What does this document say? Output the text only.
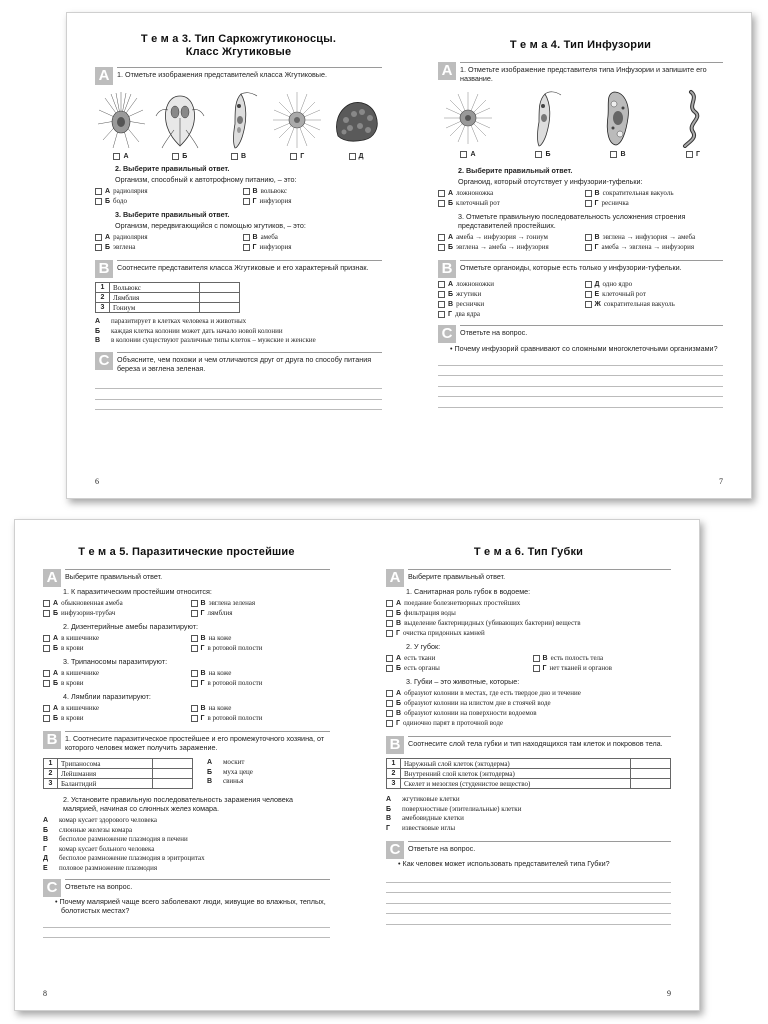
Т е м а 3. Тип Саркожгутиконосцы.
Класс Жгутиковые
A	1. Отметьте изображения представителей класса Жгутиковые.
А	Б	В	Г	Д
2. Выберите правильный ответ.
Организм, способный к автотрофному питанию, – это:
А радиолярия	В вольвокс
Б бодо	Г инфузория
3. Выберите правильный ответ.
Организм, передвигающийся с помощью жгутиков, – это:
А радиолярия	В амеба
Б эвглена	Г инфузория
B	Соотнесите представителя класса Жгутиковые и его характерный признак.
1	Вольвокс	
2	Лямблия	
3	Гониум	
А	паразитирует в клетках человека и животных
Б	каждая клетка колонии может дать начало новой колонии
В	в колонии существуют различные типы клеток – мужские и женские
C	Объясните, чем похожи и чем отличаются друг от друга по способу питания береза и эвглена зеленая.
6
Т е м а 4. Тип Инфузории
A	1. Отметьте изображение представителя типа Инфузории и запишите его название.
А	Б	В	Г
2. Выберите правильный ответ.
Органоид, который отсутствует у инфузории-туфельки:
А ложноножка	В сократительная вакуоль
Б клеточный рот	Г ресничка
3. Отметьте правильную последовательность усложнения строения представителей простейших.
А амеба → инфузория → гониум	В эвглена → инфузория → амеба
Б эвглена → амеба → инфузория	Г амеба → эвглена → инфузория
B	Отметьте органоиды, которые есть только у инфузории-туфельки.
А ложноножки	Д одно ядро
Б жгутики	Е клеточный рот
В реснички	Ж сократительная вакуоль
Г два ядра
C	Ответьте на вопрос.
• Почему инфузорий сравнивают со сложными многоклеточными организмами?
7
Т е м а 5. Паразитические простейшие
A	Выберите правильный ответ.
1. К паразитическим простейшим относится:
А обыкновенная амеба	В эвглена зеленая
Б инфузория-трубач	Г лямблия
2. Дизентерийные амебы паразитируют:
А в кишечнике	В на коже
Б в крови	Г в ротовой полости
3. Трипаносомы паразитируют:
А в кишечнике	В на коже
Б в крови	Г в ротовой полости
4. Лямблии паразитируют:
А в кишечнике	В на коже
Б в крови	Г в ротовой полости
B	1. Соотнесите паразитическое простейшее и его промежуточного хозяина, от которого человек может получить заражение.
1	Трипаносома	
2	Лейшмания	
3	Балантидий	
А	москит
Б	муха цеце
В	свинья
2. Установите правильную последовательность заражения человека малярией, начиная со слюнных желез комара.
А	комар кусает здорового человека
Б	слюнные железы комара
В	бесполое размножение плазмодия в печени
Г	комар кусает больного человека
Д	бесполое размножение плазмодия в эритроцитах
Е	половое размножение плазмодия
C	Ответьте на вопрос.
• Почему малярией чаще всего заболевают люди, живущие во влажных, теплых, болотистых местах?
8
Т е м а 6. Тип Губки
A	Выберите правильный ответ.
1. Санитарная роль губок в водоеме:
А поедание болезнетворных простейших
Б фильтрация воды
В выделение бактерицидных (убивающих бактерии) веществ
Г очистка придонных камней
2. У губок:
А есть ткани	В есть полость тела
Б есть органы	Г нет тканей и органов
3. Губки – это животные, которые:
А образуют колонии в местах, где есть твердое дно и течение
Б образуют колонии на илистом дне в стоячей воде
В образуют колонии на поверхности водоемов
Г одиночно парят в проточной воде
B	Соотнесите слой тела губки и тип находящихся там клеток и покровов тела.
1	Наружный слой клеток (эктодерма)	
2	Внутренний слой клеток (энтодерма)	
3	Скелет и мезоглея (студенистое вещество)	
А	жгутиковые клетки
Б	поверхностные (эпителиальные) клетки
В	амебовидные клетки
Г	известковые иглы
C	Ответьте на вопрос.
• Как человек может использовать представителей типа Губки?
9
